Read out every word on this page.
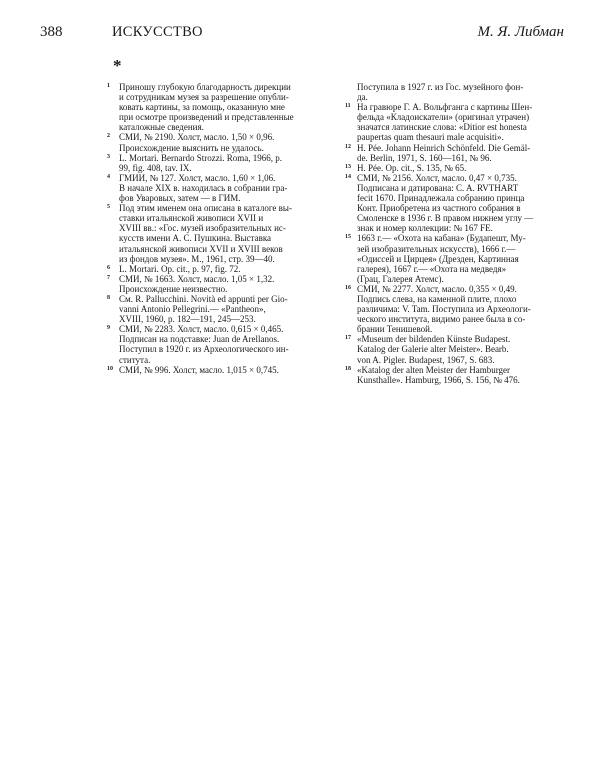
388	ИСКУССТВО	М. Я. Либман
*
1 Приношу глубокую благодарность дирекции
и сотрудникам музея за разрешение опубли-
ковать картины, за помощь, оказанную мне
при осмотре произведений и представленные
каталожные сведения.
2 СМИ, № 2190. Холст, масло. 1,50 × 0,96.
Происхождение выяснить не удалось.
3 L. Mortari. Bernardo Strozzi. Roma, 1966, p.
99, fig. 408, tav. IX.
4 ГМИИ, № 127. Холст, масло. 1,60 × 1,06.
В начале XIX в. находилась в собрании гра-
фов Уваровых, затем — в ГИМ.
5 Под этим именем она описана в каталоге вы-
ставки итальянской живописи XVII и
XVIII вв.: «Гос. музей изобразительных ис-
кусств имени А. С. Пушкина. Выставка
итальянской живописи XVII и XVIII веков
из фондов музея». М., 1961, стр. 39—40.
6 L. Mortari. Op. cit., p. 97, fig. 72.
7 СМИ, № 1663. Холст, масло. 1,05 × 1,32.
Происхождение неизвестно.
8 См. R. Pallucchini. Novità ed appunti per Gio-
vanni Antonio Pellegrini.— «Pantheon»,
XVIII, 1960, p. 182—191, 245—253.
9 СМИ, № 2283. Холст, масло. 0,615 × 0,465.
Подписан на подставке: Juan de Arellanos.
Поступил в 1920 г. из Археологического ин-
ститута.
10 СМИ, № 996. Холст, масло. 1,015 × 0,745.
Поступила в 1927 г. из Гос. музейного фон-
да.
11 На гравюре Г. А. Вольфганга с картины Шен-
фельда «Кладоискатели» (оригинал утрачен)
значатся латинские слова: «Ditior est honesta
paupertas quam thesauri male acquisiti».
12 H. Pée. Johann Heinrich Schönfeld. Die Gemäl-
de. Berlin, 1971, S. 160—161, № 96.
13 H. Pée. Op. cit., S. 135, № 65.
14 СМИ, № 2156. Холст, масло. 0,47 × 0,735.
Подписана и датирована: C. A. RVTHART
fecit 1670. Принадлежала собранию принца
Конт. Приобретена из частного собрания в
Смоленске в 1936 г. В правом нижнем углу —
знак и номер коллекции: № 167 FE.
15 1663 г.— «Охота на кабана» (Будапешт, Му-
зей изобразительных искусств), 1666 г.—
«Одиссей и Цирцея» (Дрезден, Картинная
галерея), 1667 г.— «Охота на медведя»
(Грац, Галерея Атемс).
16 СМИ, № 2277. Холст, масло. 0,355 × 0,49.
Подпись слева, на каменной плите, плохо
различима: V. Tam. Поступила из Археологи-
ческого института, видимо ранее была в со-
брании Тенишевой.
17 «Museum der bildenden Künste Budapest.
Katalog der Galerie alter Meister». Bearb.
von A. Pigler. Budapest, 1967, S. 683.
18 «Katalog der alten Meister der Hamburger
Kunsthalle». Hamburg, 1966, S. 156, № 476.
